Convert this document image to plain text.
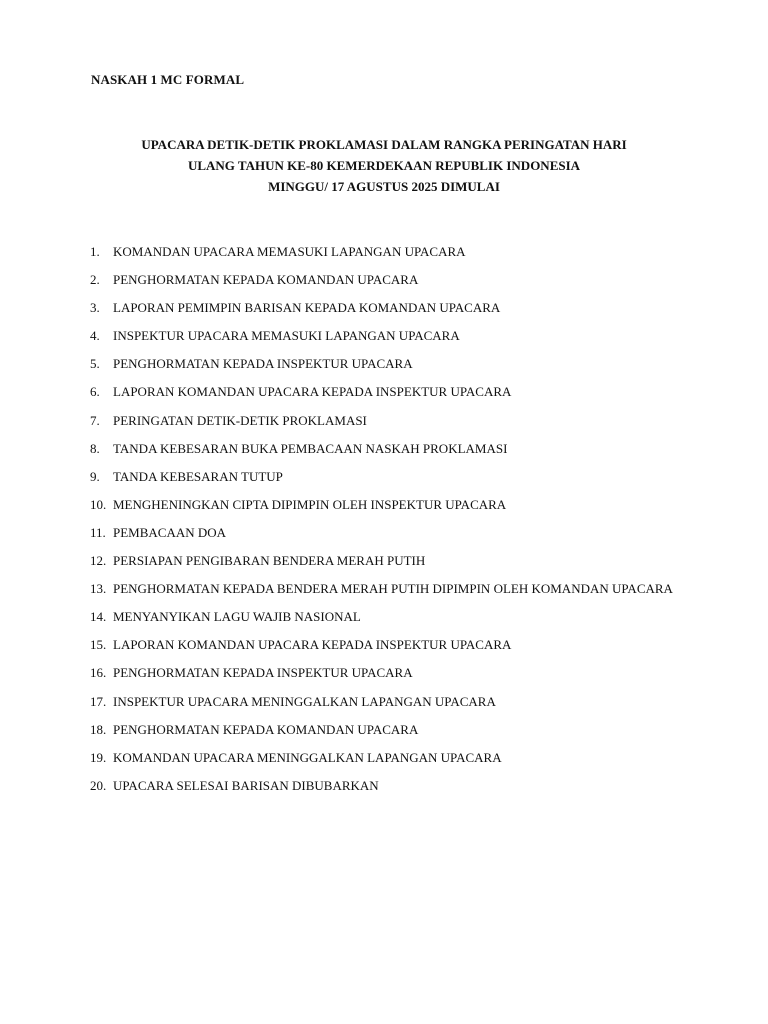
NASKAH 1 MC FORMAL
UPACARA DETIK-DETIK PROKLAMASI DALAM RANGKA PERINGATAN HARI
ULANG TAHUN KE-80 KEMERDEKAAN REPUBLIK INDONESIA
MINGGU/ 17 AGUSTUS 2025 DIMULAI
1.	KOMANDAN UPACARA MEMASUKI LAPANGAN UPACARA
2.	PENGHORMATAN KEPADA KOMANDAN UPACARA
3.	LAPORAN PEMIMPIN BARISAN KEPADA KOMANDAN UPACARA
4.	INSPEKTUR UPACARA MEMASUKI LAPANGAN UPACARA
5.	PENGHORMATAN KEPADA INSPEKTUR UPACARA
6.	LAPORAN KOMANDAN UPACARA KEPADA INSPEKTUR UPACARA
7.	PERINGATAN DETIK-DETIK PROKLAMASI
8.	TANDA KEBESARAN BUKA PEMBACAAN NASKAH PROKLAMASI
9.	TANDA KEBESARAN TUTUP
10. MENGHENINGKAN CIPTA DIPIMPIN OLEH INSPEKTUR UPACARA
11. PEMBACAAN DOA
12. PERSIAPAN PENGIBARAN BENDERA MERAH PUTIH
13. PENGHORMATAN KEPADA BENDERA MERAH PUTIH DIPIMPIN OLEH KOMANDAN UPACARA
14. MENYANYIKAN LAGU WAJIB NASIONAL
15. LAPORAN KOMANDAN UPACARA KEPADA INSPEKTUR UPACARA
16. PENGHORMATAN KEPADA INSPEKTUR UPACARA
17. INSPEKTUR UPACARA MENINGGALKAN LAPANGAN UPACARA
18. PENGHORMATAN KEPADA KOMANDAN UPACARA
19. KOMANDAN UPACARA MENINGGALKAN LAPANGAN UPACARA
20. UPACARA SELESAI BARISAN DIBUBARKAN
